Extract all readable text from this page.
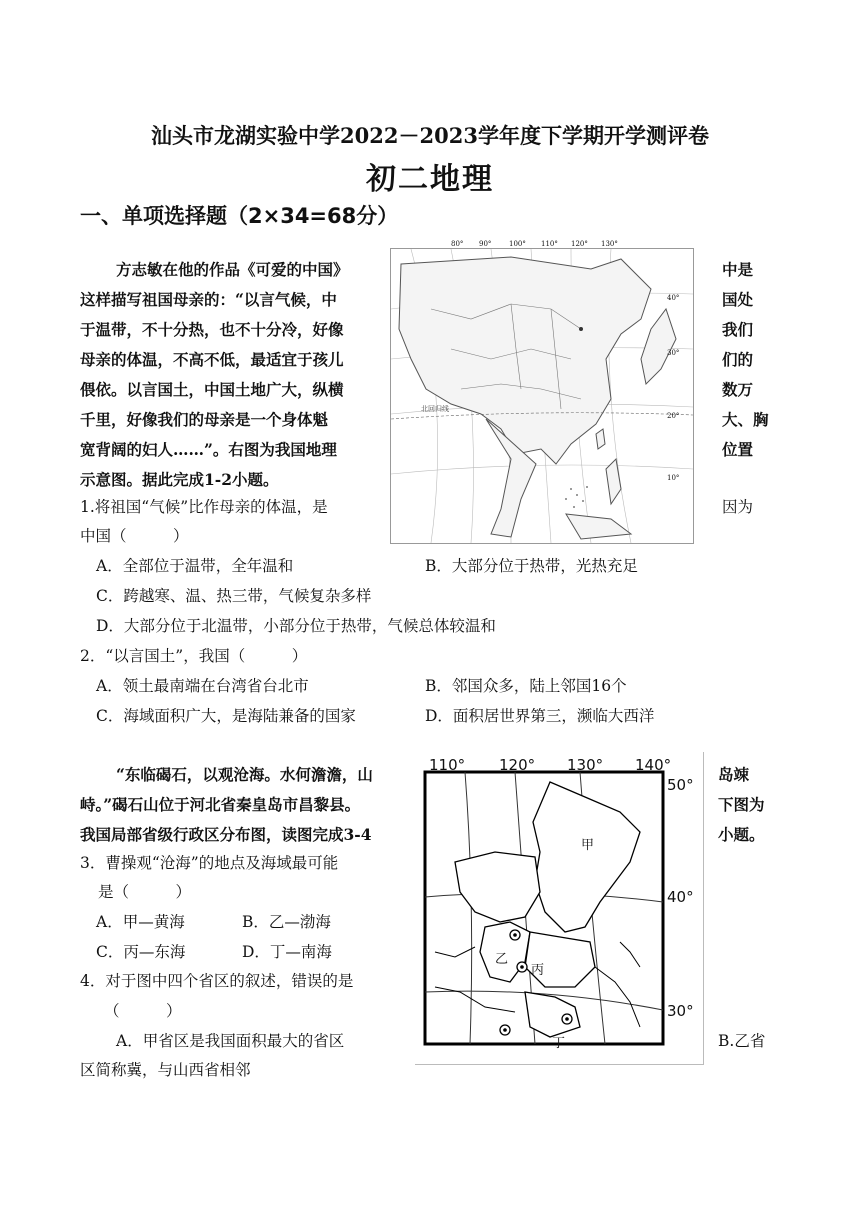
汕头市龙湖实验中学2022－2023学年度下学期开学测评卷
初二地理
一、单项选择题（2×34=68分）
方志敏在他的作品《可爱的中国》
这样描写祖国母亲的：“以言气候，中
于温带，不十分热，也不十分冷，好像
母亲的体温，不高不低，最适宜于孩儿
偎依。以言国土，中国土地广大，纵横
千里，好像我们的母亲是一个身体魁
宽背阔的妇人……”。右图为我国地理
示意图。据此完成1-2小题。
中是
国处
我们
们的
数万
大、胸
位置
80° 90°	100° 110° 120° 130°
40°
30°
20°
10°
北回归线
1.将祖国“气候”比作母亲的体温，是	因为
中国（　　　）
A．全部位于温带，全年温和	B．大部分位于热带，光热充足
C．跨越寒、温、热三带，气候复杂多样
D．大部分位于北温带，小部分位于热带，气候总体较温和
2．“以言国土”，我国（　　　）
A．领土最南端在台湾省台北市	B．邻国众多，陆上邻国16个
C．海域面积广大，是海陆兼备的国家	D．面积居世界第三，濒临大西洋
“东临碣石，以观沧海。水何澹澹，山
峙。”碣石山位于河北省秦皇岛市昌黎县。
我国局部省级行政区分布图，读图完成3-4
岛竦
下图为
小题。
110° 120° 130° 140°
50°
40°
30°
甲
乙
丙
丁
3．曹操观“沧海”的地点及海域最可能
是（　　　）
A．甲—黄海	B．乙—渤海
C．丙—东海	D．丁—南海
4．对于图中四个省区的叙述，错误的是
（　　　）
A．甲省区是我国面积最大的省区	B.乙省
区简称冀，与山西省相邻
